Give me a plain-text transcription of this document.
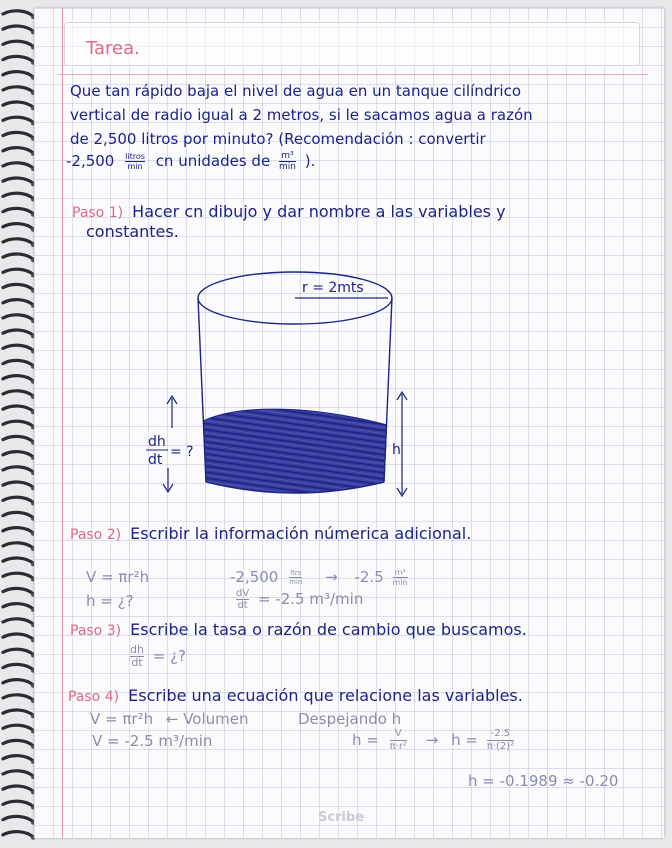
Tarea.
Que tan rápido baja el nivel de agua en un tanque cilíndrico
vertical de radio igual a 2 metros, si le sacamos agua a razón
de 2,500 litros por minuto? (Recomendación : convertir
-2,500 litros
min cn unidades de m³
min ).
Paso 1) Hacer cn dibujo y dar nombre a las variables y
constantes.
r = 2mts
h
dh
dt = ?
Paso 2) Escribir la información númerica adicional.
V = πr²h	-2,500 ltrs
min → -2.5 m³
min
h = ¿?	$\frac{dV}{dt} = -2.5$ m³/min
Paso 3) Escribe la tasa o razón de cambio que buscamos.
$\frac{dh}{dt}$ = ¿?
Paso 4) Escribe una ecuación que relacione las variables.
V = πr²h ← Volumen	Despejando h
V = -2.5 m³/min	$h = \frac{V}{\text{π·r²}} \to h = \frac{-2.5}{\text{π·(2)²}}$
h = -0.1989 ≈ -0.20
Scribe
